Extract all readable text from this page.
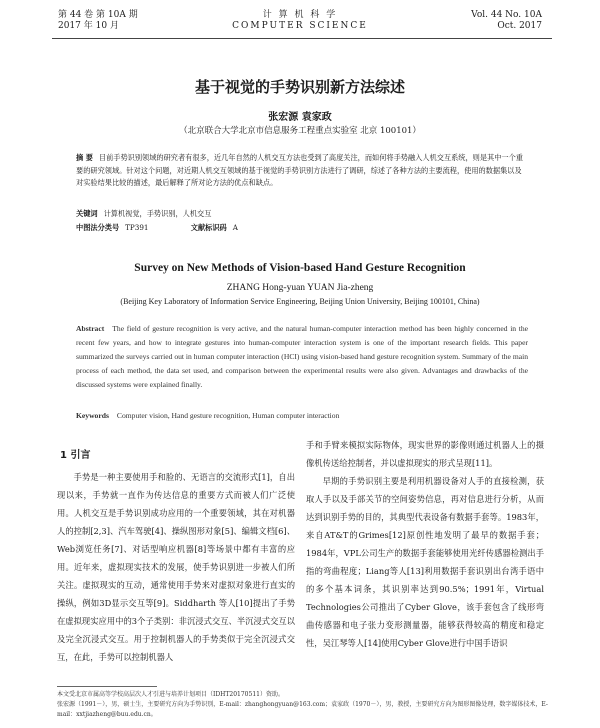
第 44 卷 第 10A 期
2017 年 10 月
计 算 机 科 学
COMPUTER SCIENCE
Vol. 44 No. 10A
Oct. 2017
基于视觉的手势识别新方法综述
张宏源 袁家政
（北京联合大学北京市信息服务工程重点实验室 北京 100101）
摘 要 目前手势识别领域的研究者有很多，近几年自然的人机交互方法也受到了高度关注，而如何将手势融入人机交互系统，则是其中一个重要的研究领域。针对这个问题，对近期人机交互领域的基于视觉的手势识别方法进行了调研，综述了各种方法的主要流程，使用的数据集以及对实验结果比较的描述，最后解释了所对论方法的优点和缺点。
关键词 计算机视觉，手势识别，人机交互
中图法分类号 TP391	文献标识码 A
Survey on New Methods of Vision-based Hand Gesture Recognition
ZHANG Hong-yuan YUAN Jia-zheng
(Beijing Key Laboratory of Information Service Engineering, Beijing Union University, Beijing 100101, China)
Abstract The field of gesture recognition is very active, and the natural human-computer interaction method has been highly concerned in the recent few years, and how to integrate gestures into human-computer interaction system is one of the important research fields. This paper summarized the surveys carried out in human computer interaction (HCI) using vision-based hand gesture recognition system. Summary of the main process of each method, the data set used, and comparison between the experimental results were also given. Advantages and drawbacks of the discussed systems were explained finally.
Keywords Computer vision, Hand gesture recognition, Human computer interaction
1 引言
手势是一种主要使用手和脸的、无语言的交流形式[1]，自出现以来，手势就一直作为传达信息的重要方式而被人们广泛使用。人机交互是手势识别成功应用的一个重要领域，其在对机器人的控制[2,3]、汽车驾驶[4]、操纵图形对象[5]、编辑文档[6]、Web浏览任务[7]、对话型响应机器[8]等场景中都有丰富的应用。近年来，虚拟现实技术的发展，使手势识别进一步被人们所关注。虚拟现实的互动，通常使用手势来对虚拟对象进行直实的操纵，例如3D显示交互等[9]。Siddharth 等人[10]提出了手势在虚拟现实应用中的3个子类别：非沉浸式交互、半沉浸式交互以及完全沉浸式交互。用于控制机器人的手势类似于完全沉浸式交互，在此，手势可以控制机器人
手和手臂来模拟实际物体，现实世界的影像则通过机器人上的摄像机传送给控制者，并以虚拟现实的形式呈现[11]。
早期的手势识别主要是利用机器设备对人手的直接检测，获取人手以及手部关节的空间姿势信息，再对信息进行分析，从而达到识别手势的目的，其典型代表设备有数据手套等。1983年，来自AT&T的Grimes[12]原创性地发明了最早的数据手套；1984年，VPL公司生产的数据手套能够使用光纤传感器检测出手指的弯曲程度；Liang等人[13]利用数据手套识别出台湾手语中的多个基本词条，其识别率达到90.5%；1991年，Virtual Technologies公司推出了Cyber Glove，该手套包含了线形弯曲传感器和电子张力变形测量器，能够获得较高的精度和稳定性，吴江琴等人[14]使用Cyber Glove进行中国手语识
本文受北京市属高等学校高层次人才引进与培养计划项目（IDHT20170511）资助。
张宏源（1991－），男，硕士生，主要研究方向为手势识别，E-mail：zhanghongyuan@163.com；袁家政（1970－），男，教授，主要研究方向为图形图像处理，数字媒体技术，E-mail：xxtjiazheng@buu.edu.cn。
